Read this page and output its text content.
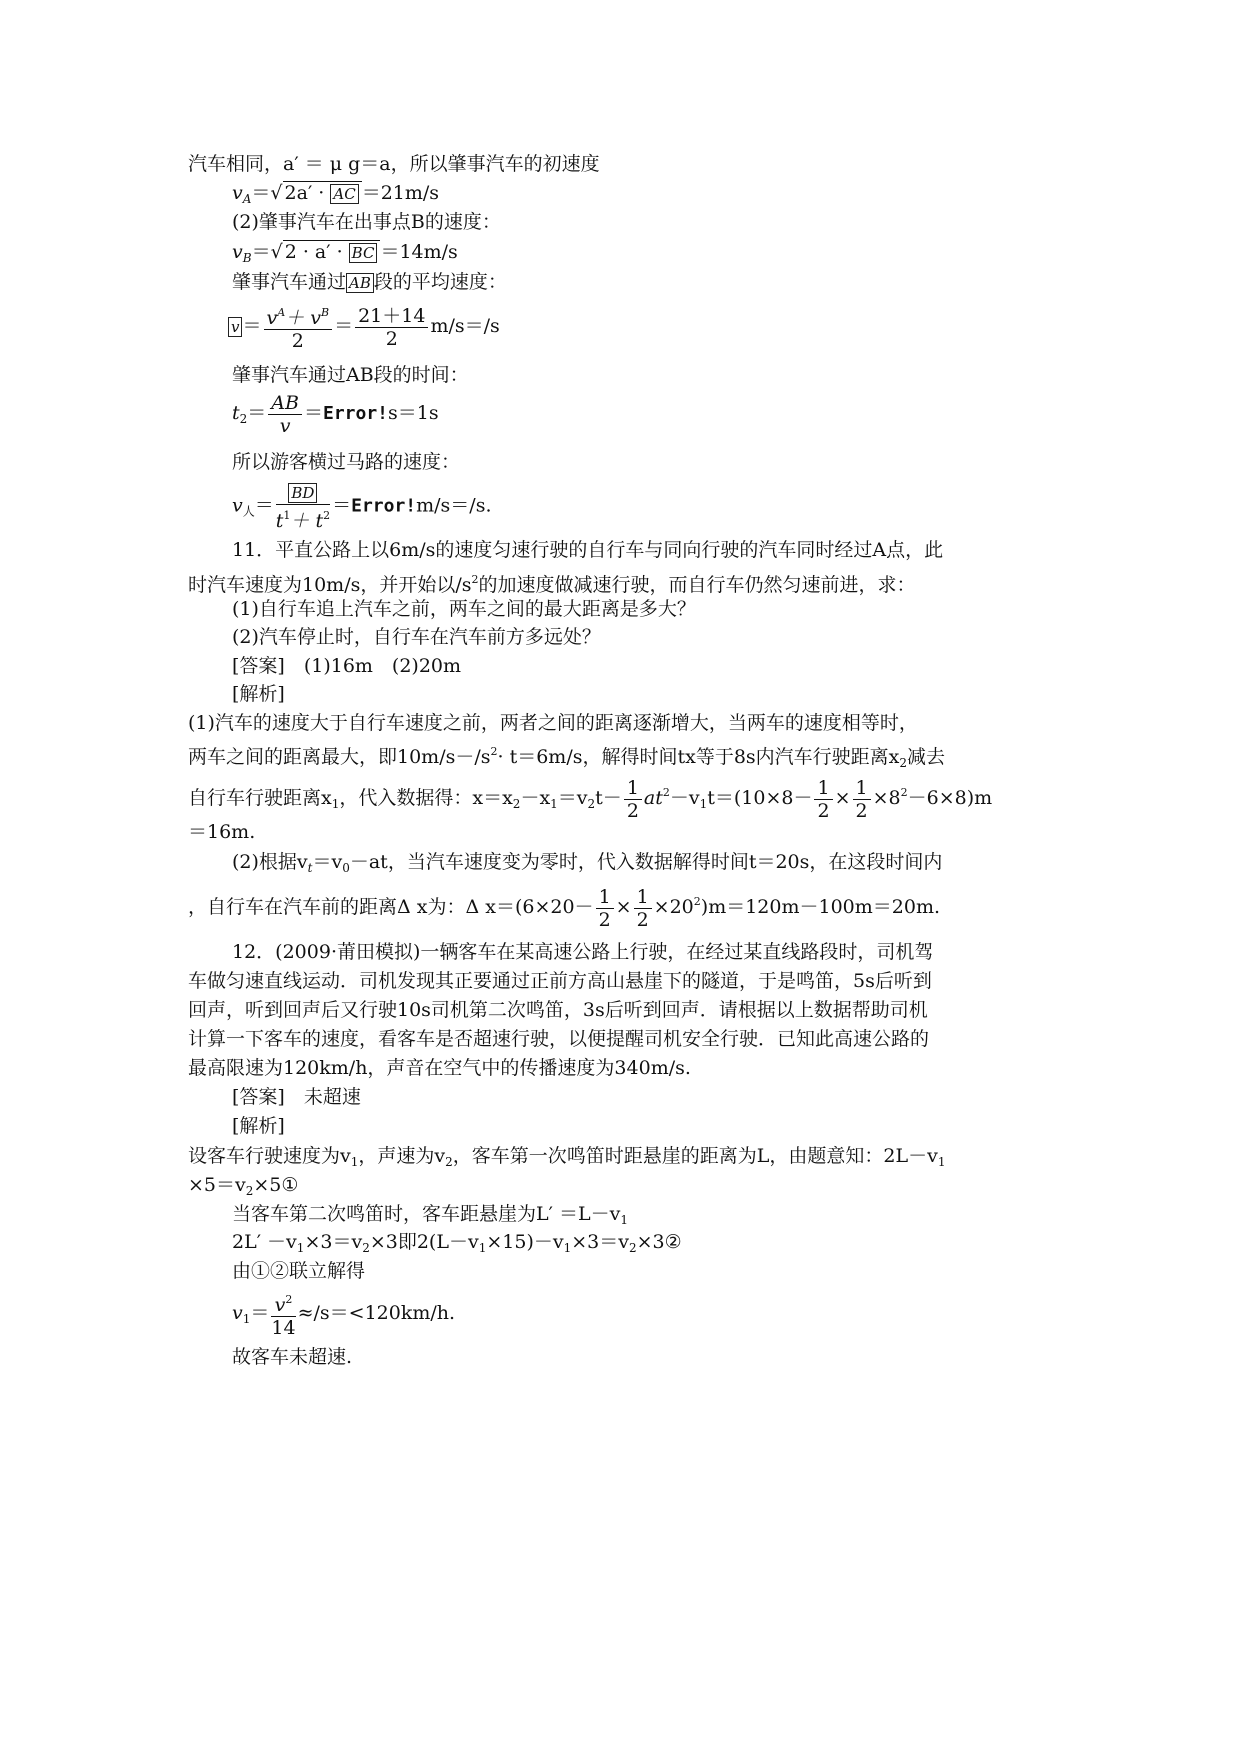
汽车相同，a′ ＝ μ g＝a，所以肇事汽车的初速度
$v_A=√$ 2a′ · AC ＝21m/s
(2)肇事汽车在出事点B的速度：
$v_B=√$ 2 · a′ · BC ＝14m/s
肇事汽车通过 AB 段的平均速度：
$v = \frac{v^A+ v^B}{2} = \frac{21+14}{2} m/s=/s$
肇事汽车通过AB段的时间：
$t_2= \frac{AB}{v}$ ＝Error!s＝1s
所以游客横过马路的速度：
$v_人= \frac{BD}{t^1+ t^2}$ ＝Error!m/s＝/s.
11．平直公路上以6m/s的速度匀速行驶的自行车与同向行驶的汽车同时经过A点，此
时汽车速度为10m/s，并开始以$/s^2$的加速度做减速行驶，而自行车仍然匀速前进，求：
(1)自行车追上汽车之前，两车之间的最大距离是多大？
(2)汽车停止时，自行车在汽车前方多远处？
[答案]　(1)16m　(2)20m
[解析]
(1)汽车的速度大于自行车速度之前，两者之间的距离逐渐增大，当两车的速度相等时，
两车之间的距离最大，即$10m/s-/s^2\cdot t=6m/s$，解得时间tx等于8s内汽车行驶距离$x_2$减去
自行车行驶距离$x_1$，代入数据得：$x=x_2-x_1=v_2t- \frac{1}{2} at^2-v_1t=(10\times 8- \frac{1}{2} \times \frac{1}{2} \times 8^2-6\times 8)m$
＝16m.
(2)根据$v_t=v_0-at$，当汽车速度变为零时，代入数据解得时间t＝20s，在这段时间内
，自行车在汽车前的距离Δ x为：Δ $x=(6\times 20- \frac{1}{2} \times \frac{1}{2} \times 20^2)m=120m-100m=20m$.
12．(2009·莆田模拟)一辆客车在某高速公路上行驶，在经过某直线路段时，司机驾
车做匀速直线运动．司机发现其正要通过正前方高山悬崖下的隧道，于是鸣笛，5s后听到
回声，听到回声后又行驶10s司机第二次鸣笛，3s后听到回声．请根据以上数据帮助司机
计算一下客车的速度，看客车是否超速行驶，以便提醒司机安全行驶．已知此高速公路的
最高限速为120km/h，声音在空气中的传播速度为340m/s.
[答案]　未超速
[解析]
设客车行驶速度为$v_1$，声速为$v_2$，客车第一次鸣笛时距悬崖的距离为L，由题意知：$2L-v_1$
$\times 5=v_2\times 5①$
当客车第二次鸣笛时，客车距悬崖为$L' =L-v_1$
$2L' -v_1\times 3=v_2\times 3$即$2(L-v_1\times 15)-v_1\times 3=v_2\times 3②$
由①②联立解得
$v_1= \frac{v^2}{14} \approx/s=<120km/h$.
故客车未超速.
